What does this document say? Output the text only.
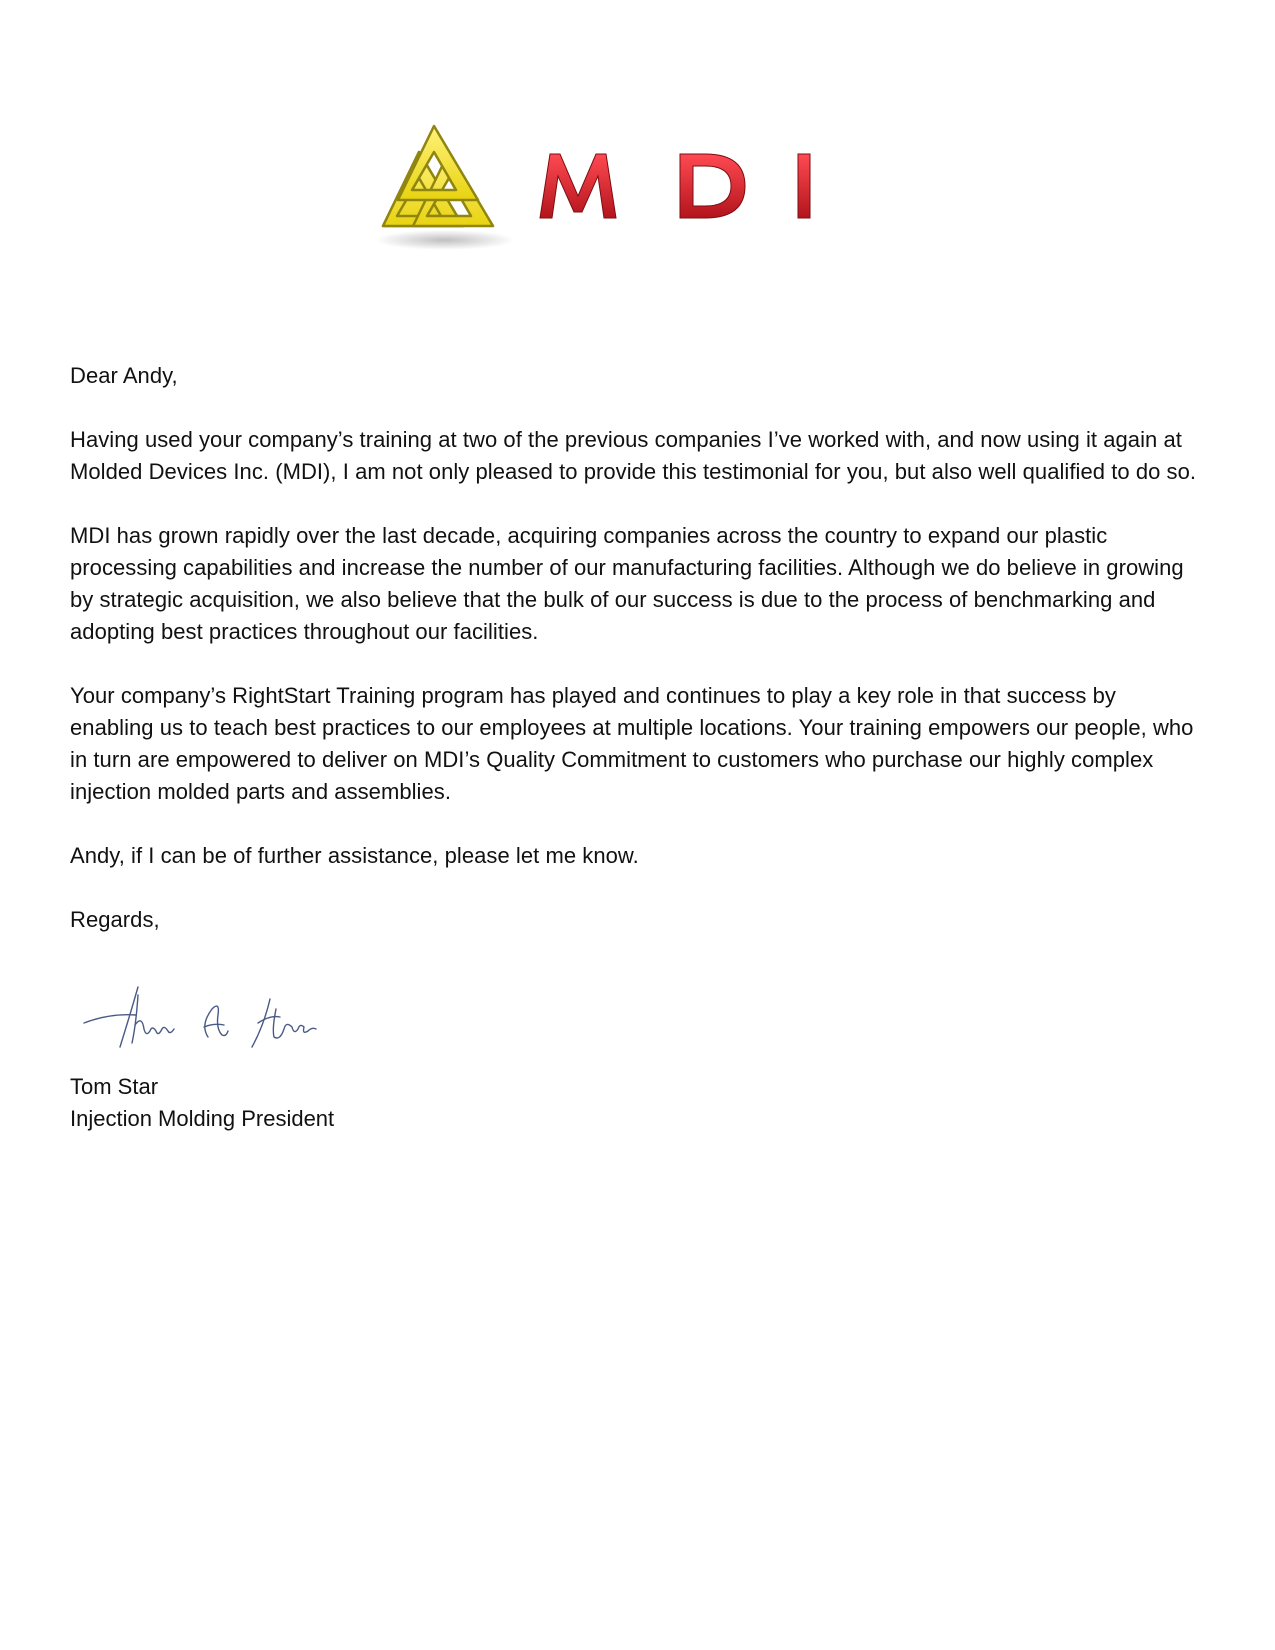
Dear Andy,

Having used your company’s training at two of the previous companies I’ve worked with, and now using it again at Molded Devices Inc. (MDI), I am not only pleased to provide this testimonial for you, but also well qualified to do so.

MDI has grown rapidly over the last decade, acquiring companies across the country to expand our plastic processing capabilities and increase the number of our manufacturing facilities. Although we do believe in growing by strategic acquisition, we also believe that the bulk of our success is due to the process of benchmarking and adopting best practices throughout our facilities.

Your company’s RightStart Training program has played and continues to play a key role in that success by enabling us to teach best practices to our employees at multiple locations. Your training empowers our people, who in turn are empowered to deliver on MDI’s Quality Commitment to customers who purchase our highly complex injection molded parts and assemblies.

Andy, if I can be of further assistance, please let me know.

Regards,

Tom Star
Injection Molding President
